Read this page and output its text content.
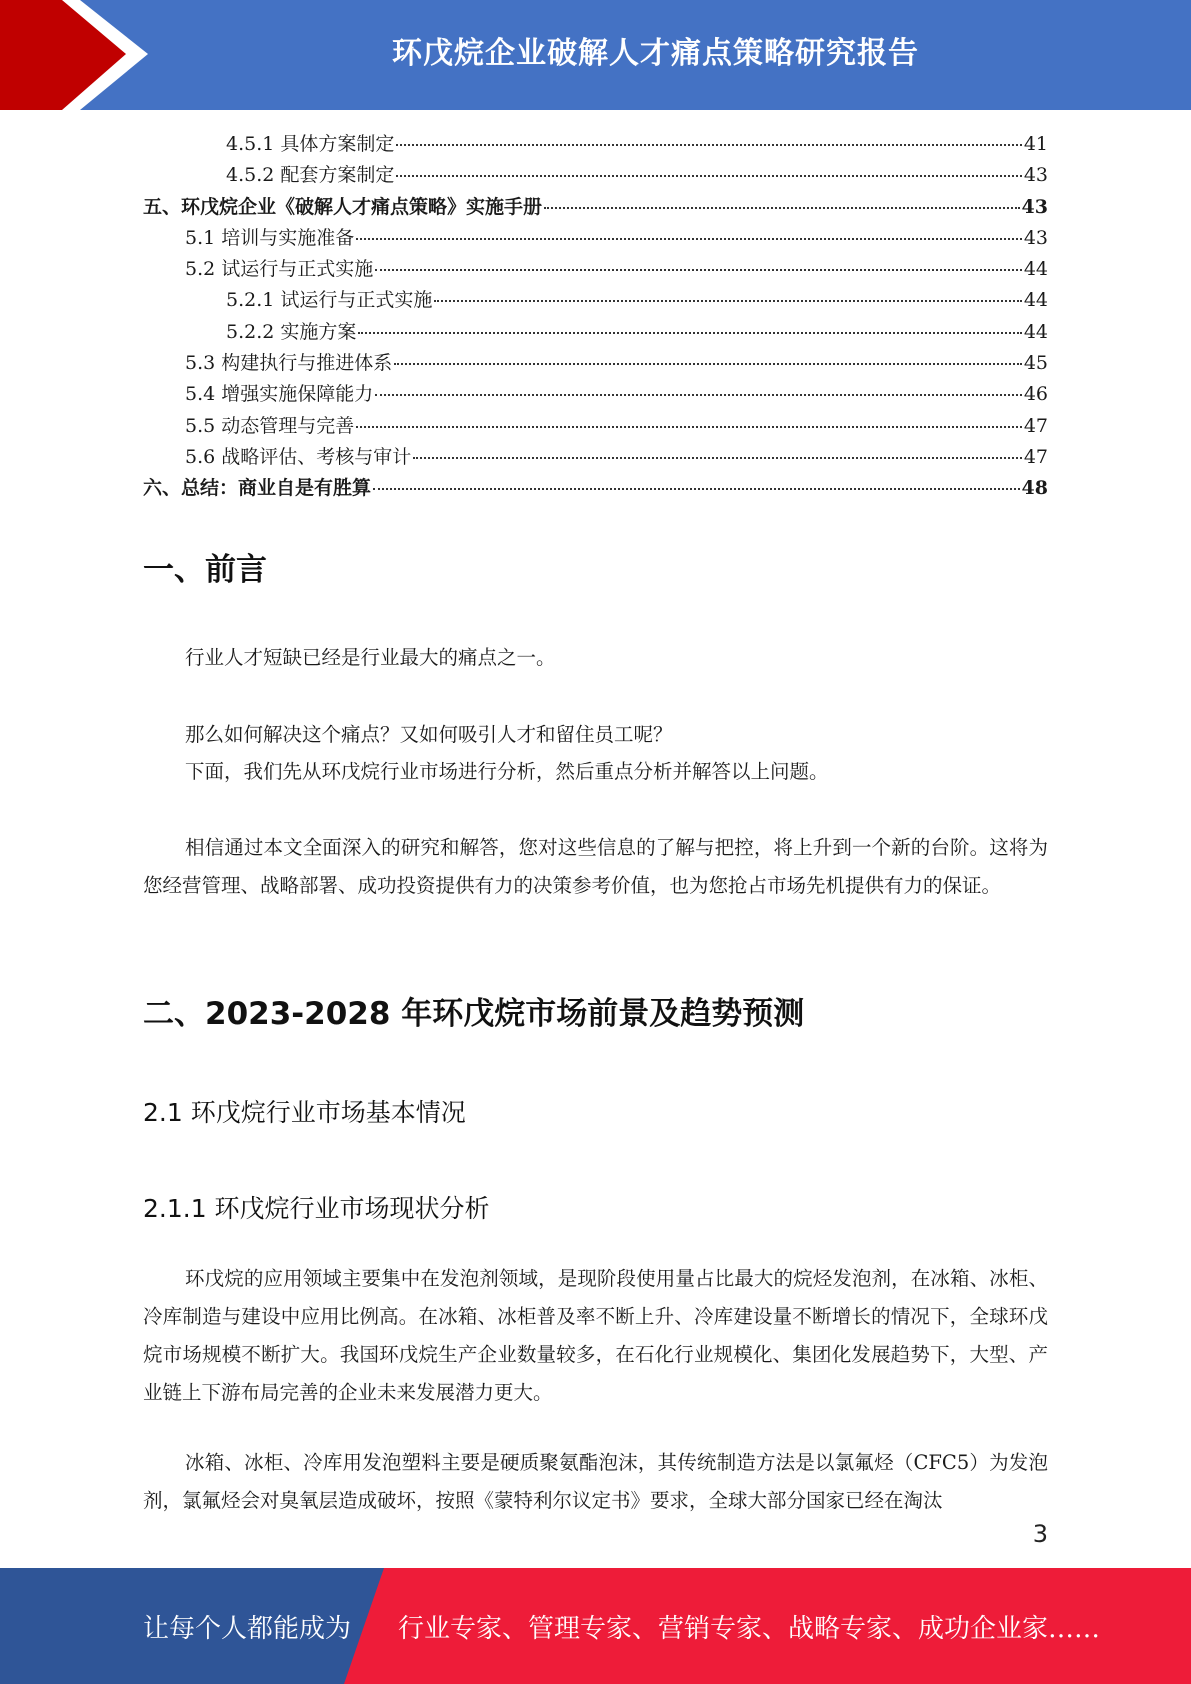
环戊烷企业破解人才痛点策略研究报告
4.5.1 具体方案制定	41
4.5.2 配套方案制定	43
五、环戊烷企业《破解人才痛点策略》实施手册	43
5.1 培训与实施准备	43
5.2 试运行与正式实施	44
5.2.1 试运行与正式实施	44
5.2.2 实施方案	44
5.3 构建执行与推进体系	45
5.4 增强实施保障能力	46
5.5 动态管理与完善	47
5.6 战略评估、考核与审计	47
六、总结：商业自是有胜算	48
一、前言
行业人才短缺已经是行业最大的痛点之一。
那么如何解决这个痛点？又如何吸引人才和留住员工呢？
下面，我们先从环戊烷行业市场进行分析，然后重点分析并解答以上问题。
相信通过本文全面深入的研究和解答，您对这些信息的了解与把控，将上升到一个新的台阶。这将为您经营管理、战略部署、成功投资提供有力的决策参考价值，也为您抢占市场先机提供有力的保证。
二、2023-2028 年环戊烷市场前景及趋势预测
2.1 环戊烷行业市场基本情况
2.1.1 环戊烷行业市场现状分析
环戊烷的应用领域主要集中在发泡剂领域，是现阶段使用量占比最大的烷烃发泡剂，在冰箱、冰柜、冷库制造与建设中应用比例高。在冰箱、冰柜普及率不断上升、冷库建设量不断增长的情况下，全球环戊烷市场规模不断扩大。我国环戊烷生产企业数量较多，在石化行业规模化、集团化发展趋势下，大型、产业链上下游布局完善的企业未来发展潜力更大。
冰箱、冰柜、冷库用发泡塑料主要是硬质聚氨酯泡沫，其传统制造方法是以氯氟烃（CFC5）为发泡剂，氯氟烃会对臭氧层造成破坏，按照《蒙特利尔议定书》要求，全球大部分国家已经在淘汰
3
让每个人都能成为 行业专家、管理专家、营销专家、战略专家、成功企业家……
